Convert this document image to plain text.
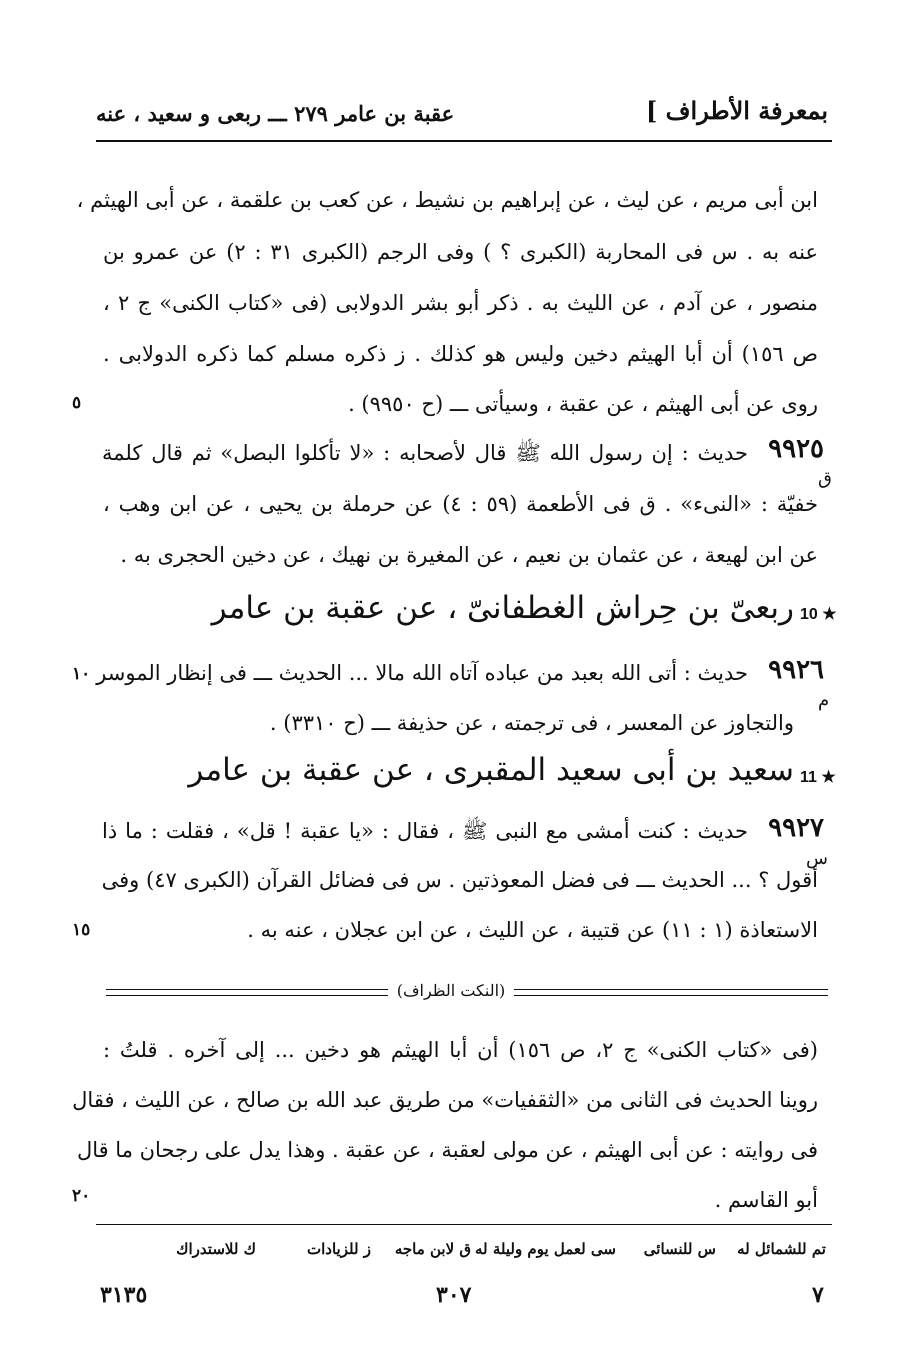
بمعرفة الأطراف ]
عقبة بن عامر ٢٧٩ ـــ ربعى و سعيد ، عنه
ابن أبى مريم ، عن ليث ، عن إبراهيم بن نشيط ، عن كعب بن علقمة ، عن أبى الهيثم ،
عنه به . س فى المحاربة (الكبرى ؟ ) وفى الرجم (الكبرى ٣١ : ٢) عن عمرو بن
منصور ، عن آدم ، عن الليث به . ذكر أبو بشر الدولابى (فى «كتاب الكنى» ج ٢ ،
ص ١٥٦) أن أبا الهيثم دخين وليس هو كذلك . ز ذكره مسلم كما ذكره الدولابى .
روى عن أبى الهيثم ، عن عقبة ، وسيأتى ـــ (ح ٩٩٥٠) .
٥
٩٩٢٥
حديث : إن رسول الله ﷺ قال لأصحابه : «لا تأكلوا البصل» ثم قال كلمة
ق
خفيّة : «النىء» . ق فى الأطعمة (٥٩ : ٤) عن حرملة بن يحيى ، عن ابن وهب ،
عن ابن لهيعة ، عن عثمان بن نعيم ، عن المغيرة بن نهيك ، عن دخين الحجرى به .
10 ★
ربعىّ بن حِراش الغطفانىّ ، عن عقبة بن عامر
٩٩٢٦
حديث : أتى الله بعبد من عباده آتاه الله مالا ... الحديث ـــ فى إنظار الموسر
١٠
م
والتجاوز عن المعسر ، فى ترجمته ، عن حذيفة ـــ (ح ٣٣١٠) .
11 ★
سعيد بن أبى سعيد المقبرى ، عن عقبة بن عامر
٩٩٢٧
حديث : كنت أمشى مع النبى ﷺ ، فقال : «يا عقبة ! قل» ، فقلت : ما ذا
س
أقول ؟ ... الحديث ـــ فى فضل المعوذتين . س فى فضائل القرآن (الكبرى ٤٧) وفى
الاستعاذة (١ : ١١) عن قتيبة ، عن الليث ، عن ابن عجلان ، عنه به .
١٥
(النكت الظراف)
(فى «كتاب الكنى» ج ٢، ص ١٥٦) أن أبا الهيثم هو دخين ... إلى آخره . قلتُ :
روينا الحديث فى الثانى من «الثقفيات» من طريق عبد الله بن صالح ، عن الليث ، فقال
فى روايته : عن أبى الهيثم ، عن مولى لعقبة ، عن عقبة . وهذا يدل على رجحان ما قال
أبو القاسم .
٢٠
تم للشمائل له
س للنسائى
سى لعمل يوم وليلة له
ق لابن ماجه
ز للزيادات
ك للاستدراك
٧
٣٠٧
٣١٣٥
